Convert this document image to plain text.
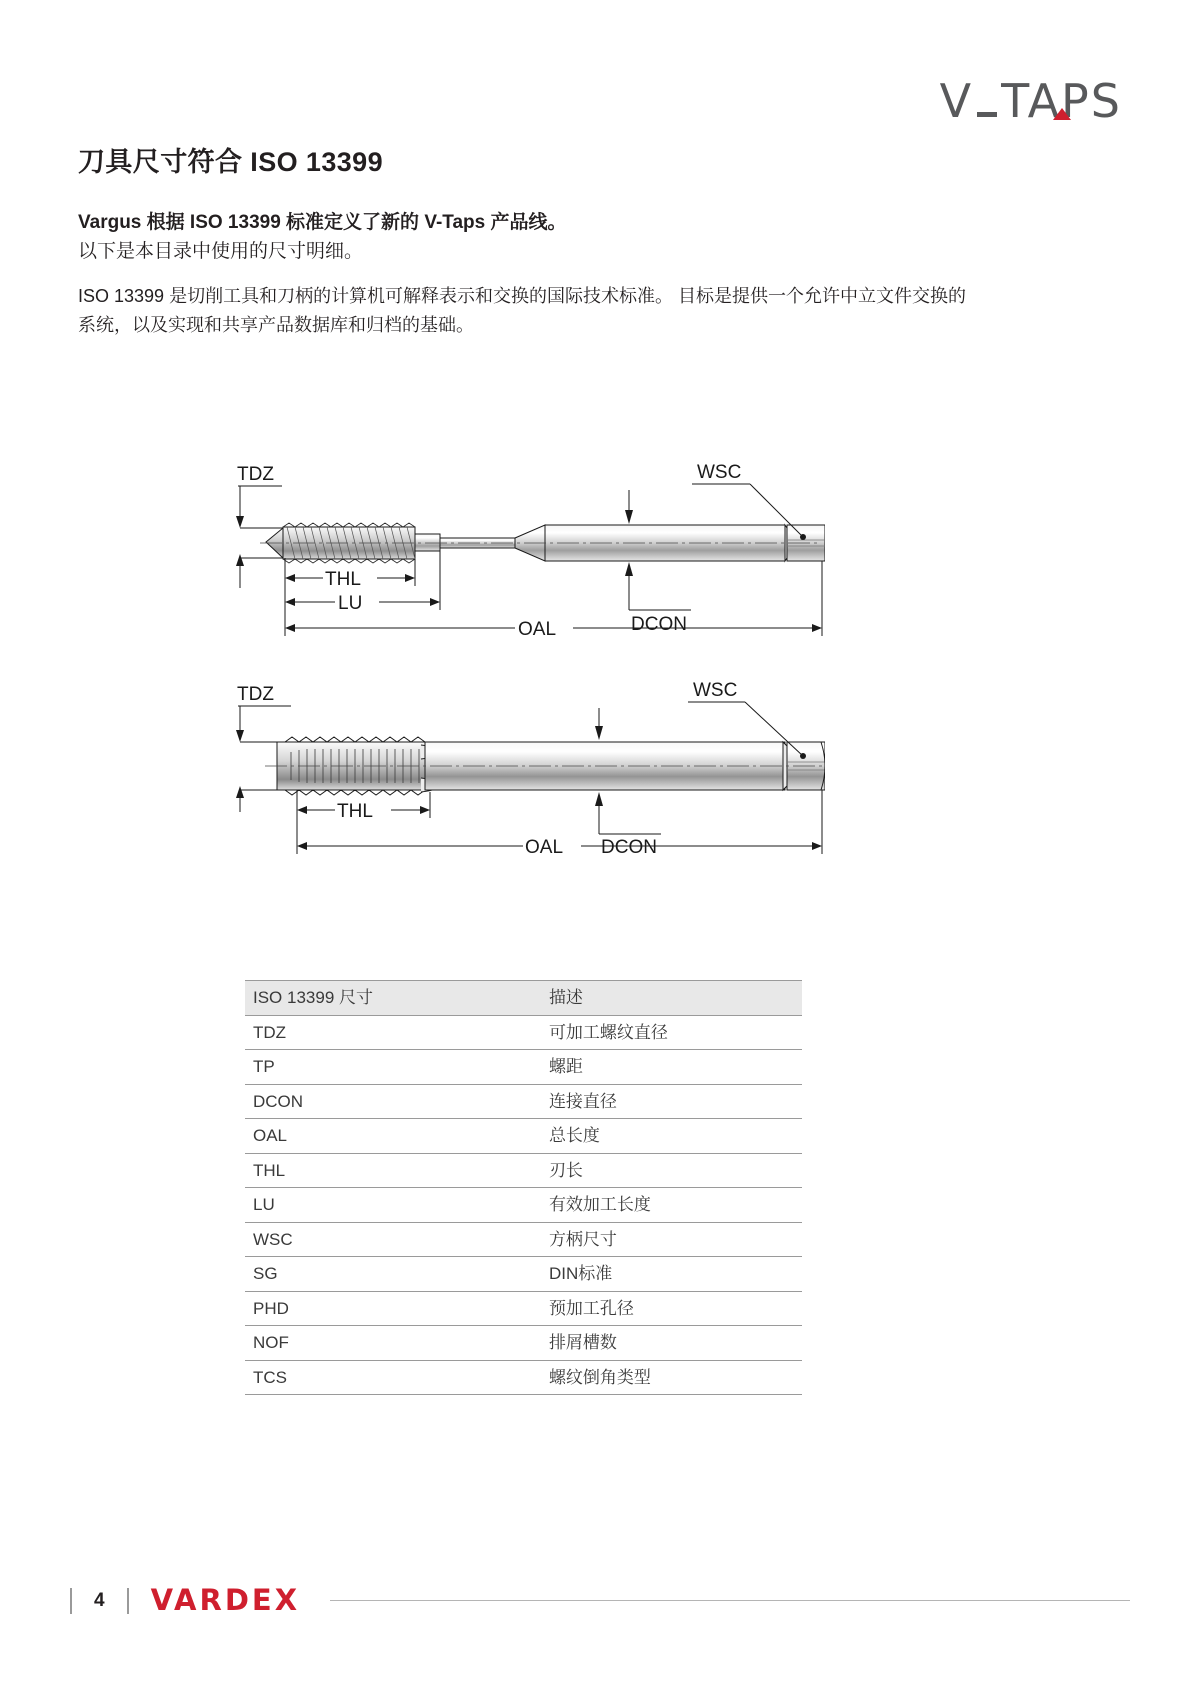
V TAPS
刀具尺寸符合 ISO 13399
Vargus 根据 ISO 13399 标准定义了新的 V-Taps 产品线。
以下是本目录中使用的尺寸明细。
ISO 13399 是切削工具和刀柄的计算机可解释表示和交换的国际技术标准。 目标是提供一个允许中立文件交换的系统，以及实现和共享产品数据库和归档的基础。
TDZ	WSC
DCON
THL
LU
OAL
TDZ	WSC
DCON
THL
OAL
ISO 13399 尺寸	描述
TDZ	可加工螺纹直径
TP	螺距
DCON	连接直径
OAL	总长度
THL	刃长
LU	有效加工长度
WSC	方柄尺寸
SG	DIN标准
PHD	预加工孔径
NOF	排屑槽数
TCS	螺纹倒角类型
4 VARDEX
